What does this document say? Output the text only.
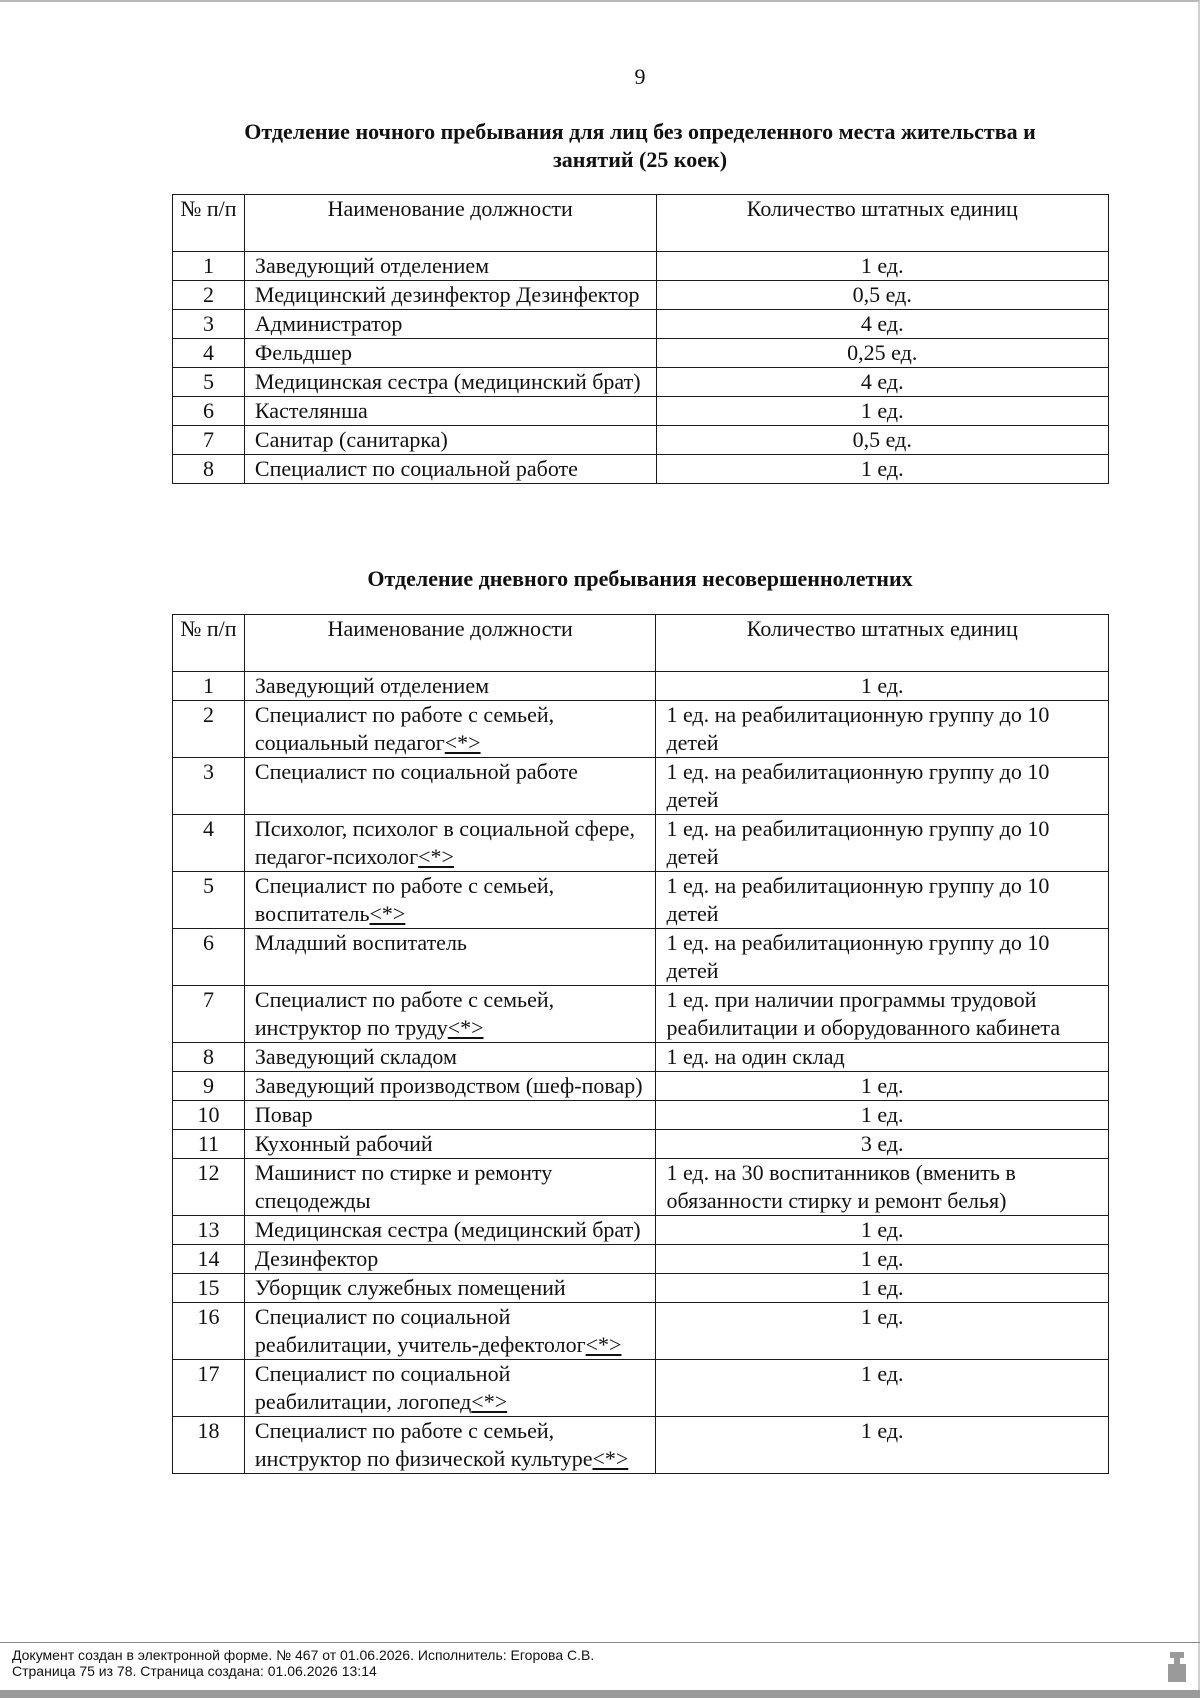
9
Отделение ночного пребывания для лиц без определенного места жительства и
занятий (25 коек)
№ п/п	Наименование должности	Количество штатных единиц
1	Заведующий отделением	1 ед.
2	Медицинский дезинфектор Дезинфектор	0,5 ед.
3	Администратор	4 ед.
4	Фельдшер	0,25 ед.
5	Медицинская сестра (медицинский брат)	4 ед.
6	Кастелянша	1 ед.
7	Санитар (санитарка)	0,5 ед.
8	Специалист по социальной работе	1 ед.
Отделение дневного пребывания несовершеннолетних
№ п/п	Наименование должности	Количество штатных единиц
1	Заведующий отделением	1 ед.
2	Специалист по работе с семьей, социальный педагог<*>	1 ед. на реабилитационную группу до 10 детей
3	Специалист по социальной работе	1 ед. на реабилитационную группу до 10 детей
4	Психолог, психолог в социальной сфере, педагог-психолог<*>	1 ед. на реабилитационную группу до 10 детей
5	Специалист по работе с семьей, воспитатель<*>	1 ед. на реабилитационную группу до 10 детей
6	Младший воспитатель	1 ед. на реабилитационную группу до 10 детей
7	Специалист по работе с семьей, инструктор по труду<*>	1 ед. при наличии программы трудовой реабилитации и оборудованного кабинета
8	Заведующий складом	1 ед. на один склад
9	Заведующий производством (шеф-повар)	1 ед.
10	Повар	1 ед.
11	Кухонный рабочий	3 ед.
12	Машинист по стирке и ремонту спецодежды	1 ед. на 30 воспитанников (вменить в обязанности стирку и ремонт белья)
13	Медицинская сестра (медицинский брат)	1 ед.
14	Дезинфектор	1 ед.
15	Уборщик служебных помещений	1 ед.
16	Специалист по социальной реабилитации, учитель-дефектолог<*>	1 ед.
17	Специалист по социальной реабилитации, логопед<*>	1 ед.
18	Специалист по работе с семьей, инструктор по физической культуре<*>	1 ед.
Документ создан в электронной форме. № 467 от 01.06.2026. Исполнитель: Егорова С.В.
Страница 75 из 78. Страница создана: 01.06.2026 13:14
